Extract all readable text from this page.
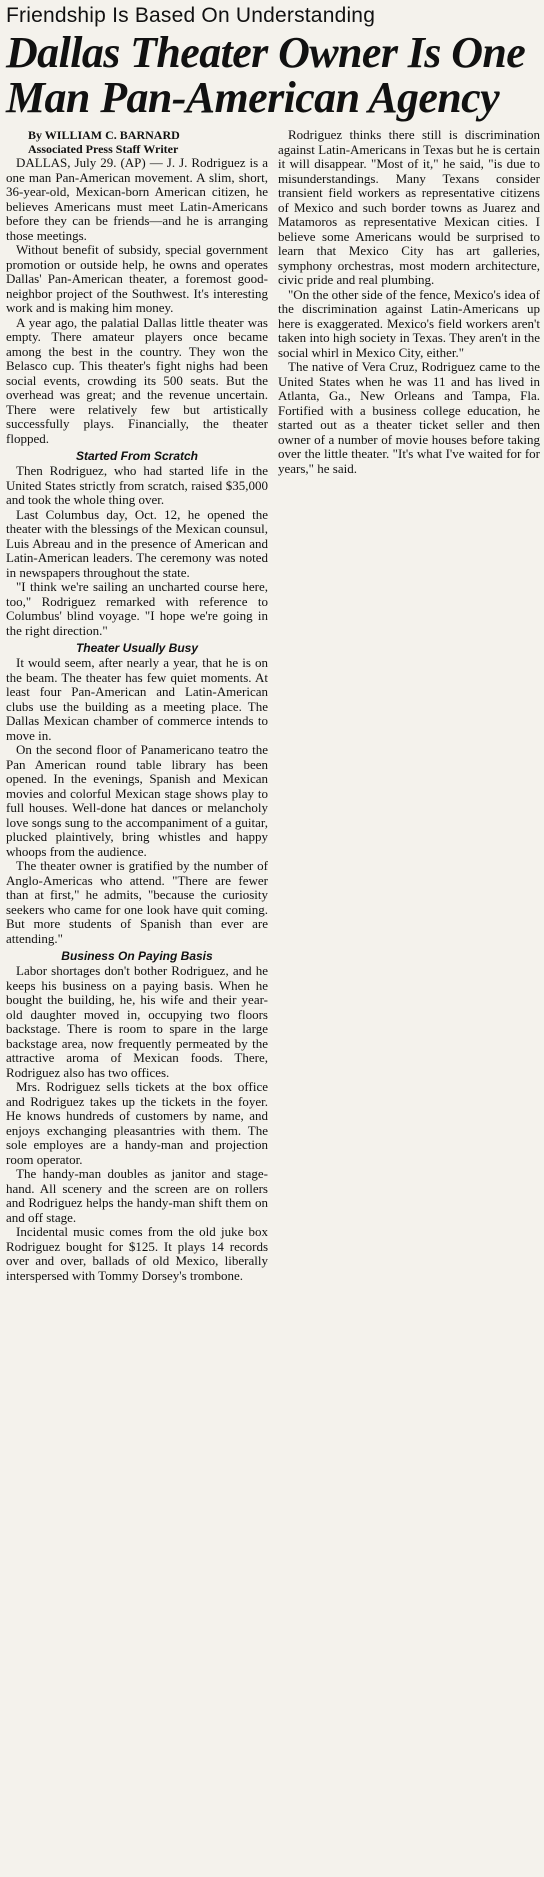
Friendship Is Based On Understanding
Dallas Theater Owner Is One
Man Pan-American Agency
By WILLIAM C. BARNARD
Associated Press Staff Writer

DALLAS, July 29. (AP) — J. J. Rodriguez is a one man Pan-American movement. A slim, short, 36-year-old, Mexican-born American citizen, he believes Americans must meet Latin-Americans before they can be friends—and he is arranging those meetings.

Without benefit of subsidy, special government promotion or outside help, he owns and operates Dallas' Pan-American theater, a foremost good-neighbor project of the Southwest. It's interesting work and is making him money.

A year ago, the palatial Dallas little theater was empty. There amateur players once became among the best in the country. They won the Belasco cup. This theater's fight nighs had been social events, crowding its 500 seats. But the overhead was great; and the revenue uncertain. There were relatively few but artistically successfully plays. Financially, the theater flopped.

Started From Scratch

Then Rodriguez, who had started life in the United States strictly from scratch, raised $35,000 and took the whole thing over.

Last Columbus day, Oct. 12, he opened the theater with the blessings of the Mexican counsul, Luis Abreau and in the presence of American and Latin-American leaders. The ceremony was noted in newspapers throughout the state.

"I think we're sailing an uncharted course here, too," Rodriguez remarked with reference to Columbus' blind voyage. "I hope we're going in the right direction."

Theater Usually Busy

It would seem, after nearly a year, that he is on the beam. The theater has few quiet moments. At least four Pan-American and Latin-American clubs use the building as a meeting place. The Dallas Mexican chamber of commerce intends to move in.

On the second floor of Panamericano teatro the Pan American round table library has been opened. In the evenings, Spanish and Mexican movies and colorful Mexican stage shows play to full houses. Well-done hat dances or melancholy love songs sung to the accompaniment of a guitar, plucked plaintively, bring whistles and happy whoops from the audience.

The theater owner is gratified by the number of Anglo-Americas who attend. "There are fewer than at first," he admits, "because the curiosity seekers who came for one look have quit coming. But more students of Spanish than ever are attending."

Business On Paying Basis

Labor shortages don't bother Rodriguez, and he keeps his business on a paying basis. When he bought the building, he, his wife and their year-old daughter moved in, occupying two floors backstage. There is room to spare in the large backstage area, now frequently permeated by the attractive aroma of Mexican foods. There, Rodriguez also has two offices.

Mrs. Rodriguez sells tickets at the box office and Rodriguez takes up the tickets in the foyer. He knows hundreds of customers by name, and enjoys exchanging pleasantries with them. The sole employes are a handy-man and projection room operator.

The handy-man doubles as janitor and stage-hand. All scenery and the screen are on rollers and Rodriguez helps the handy-man shift them on and off stage.

Incidental music comes from the old juke box Rodriguez bought for $125. It plays 14 records over and over, ballads of old Mexico, liberally interspersed with Tommy Dorsey's trombone.

Rodriguez thinks there still is discrimination against Latin-Americans in Texas but he is certain it will disappear. "Most of it," he said, "is due to misunderstandings. Many Texans consider transient field workers as representative citizens of Mexico and such border towns as Juarez and Matamoros as representative Mexican cities. I believe some Americans would be surprised to learn that Mexico City has art galleries, symphony orchestras, most modern architecture, civic pride and real plumbing.

"On the other side of the fence, Mexico's idea of the discrimination against Latin-Americans up here is exaggerated. Mexico's field workers aren't taken into high society in Texas. They aren't in the social whirl in Mexico City, either."

The native of Vera Cruz, Rodriguez came to the United States when he was 11 and has lived in Atlanta, Ga., New Orleans and Tampa, Fla. Fortified with a business college education, he started out as a theater ticket seller and then owner of a number of movie houses before taking over the little theater. "It's what I've waited for for years," he said.
